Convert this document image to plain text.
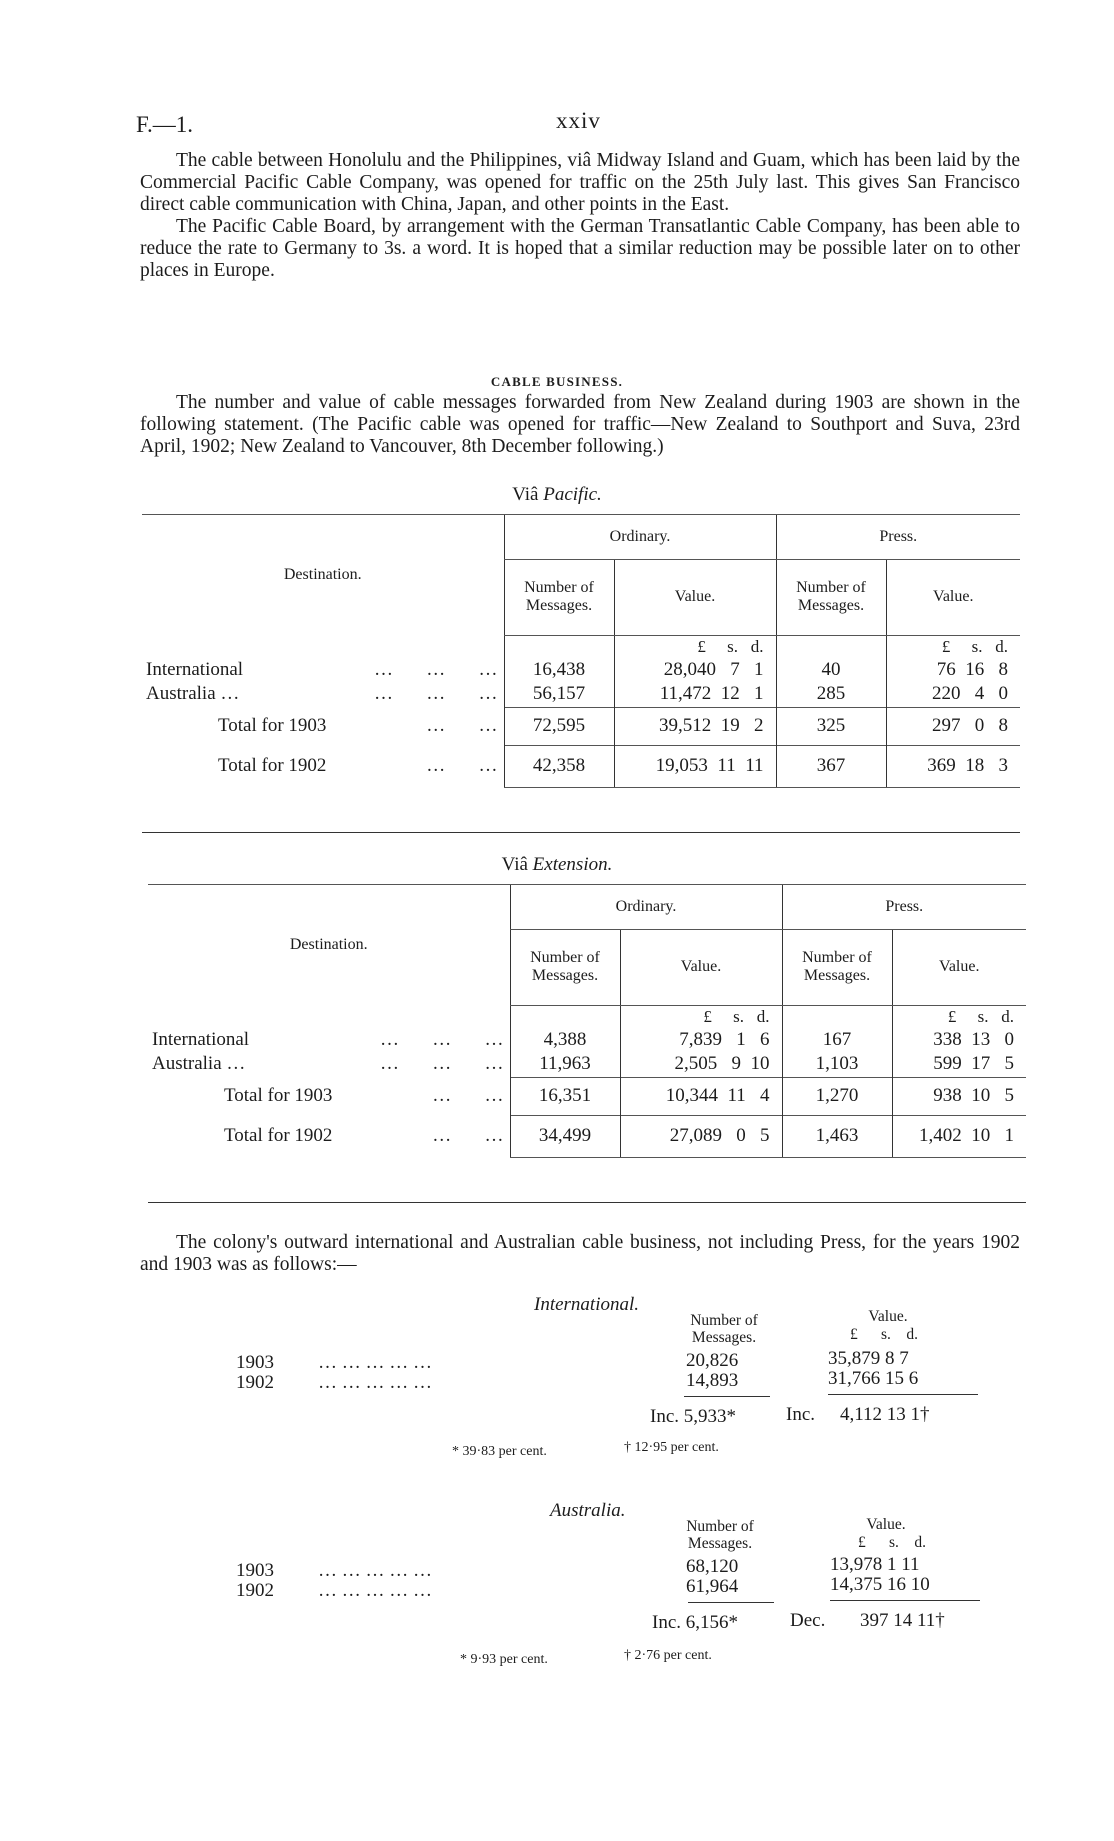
F.—1.	xxiv

The cable between Honolulu and the Philippines, viâ Midway Island and Guam, which has been laid by the Commercial Pacific Cable Company, was opened for traffic on the 25th July last. This gives San Francisco direct cable communication with China, Japan, and other points in the East.

The Pacific Cable Board, by arrangement with the German Transatlantic Cable Company, has been able to reduce the rate to Germany to 3s. a word. It is hoped that a similar reduction may be possible later on to other places in Europe.

CABLE BUSINESS.

The number and value of cable messages forwarded from New Zealand during 1903 are shown in the following statement. (The Pacific cable was opened for traffic—New Zealand to Southport and Suva, 23rd April, 1902; New Zealand to Vancouver, 8th December following.)

Viâ Pacific.

Destination.	Ordinary.		Press.	
	Number of Messages.	Value.	Number of Messages.	Value.
		£     s.   d.		£     s.   d.
International …       …       …	16,438	28,040   7   1	40	76  16   8
Australia … …       …       …	56,157	11,472  12   1	285	220   4   0
Total for 1903 …       …	72,595	39,512  19   2	325	297   0   8
Total for 1902 …       …	42,358	19,053  11  11	367	369  18   3
Viâ Extension.

Destination.	Ordinary.		Press.	
	Number of Messages.	Value.	Number of Messages.	Value.
		£     s.   d.		£     s.   d.
International …       …       …	4,388	7,839   1   6	167	338  13   0
Australia … …       …       …	11,963	2,505   9  10	1,103	599  17   5
Total for 1903 …       …	16,351	10,344  11   4	1,270	938  10   5
Total for 1902 …       …	34,499	27,089   0   5	1,463	1,402  10   1

The colony's outward international and Australian cable business, not including Press, for the years 1902 and 1903 was as follows:—

International.
Number of Messages.
Value.
£      s.    d.
1903 … … … … …	20,826	35,879 8 7
1902 … … … … …	14,893	31,766 15 6
Inc. 5,933*	Inc. 4,112 13 1†
* 39·83 per cent.	† 12·95 per cent.
Australia.
Number of Messages.
Value.
£      s.    d.
1903 … … … … …	68,120	13,978 1 11
1902 … … … … …	61,964	14,375 16 10
Inc. 6,156*	Dec. 397 14 11†
* 9·93 per cent.	† 2·76 per cent.
